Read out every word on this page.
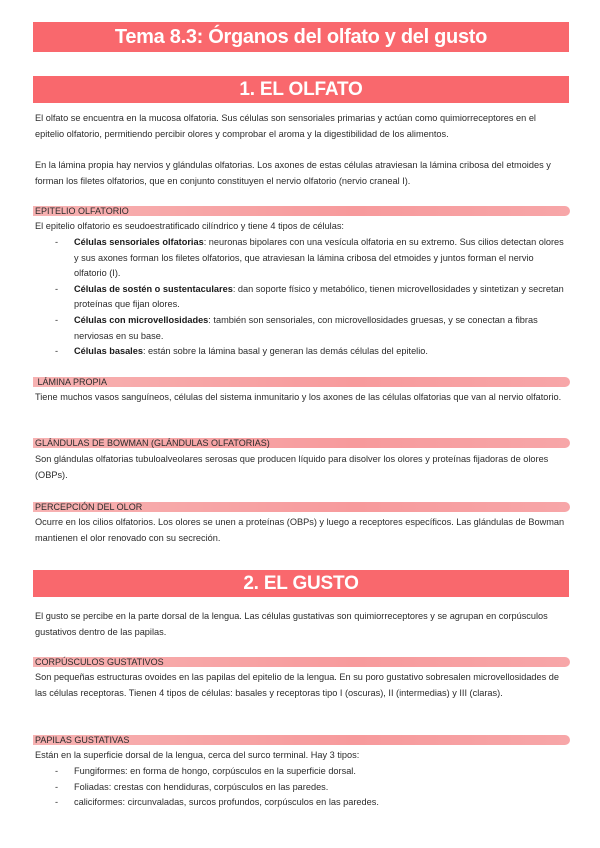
Tema 8.3: Órganos del olfato y del gusto
1. EL OLFATO
El olfato se encuentra en la mucosa olfatoria. Sus células son sensoriales primarias y actúan como quimiorreceptores en el epitelio olfatorio, permitiendo percibir olores y comprobar el aroma y la digestibilidad de los alimentos.
En la lámina propia hay nervios y glándulas olfatorias. Los axones de estas células atraviesan la lámina cribosa del etmoides y forman los filetes olfatorios, que en conjunto constituyen el nervio olfatorio (nervio craneal I).
EPITELIO OLFATORIO
El epitelio olfatorio es seudoestratificado cilíndrico y tiene 4 tipos de células:
- Células sensoriales olfatorias: neuronas bipolares con una vesícula olfatoria en su extremo. Sus cilios detectan olores y sus axones forman los filetes olfatorios, que atraviesan la lámina cribosa del etmoides y juntos forman el nervio olfatorio (I).
- Células de sostén o sustentaculares: dan soporte físico y metabólico, tienen microvellosidades y sintetizan y secretan proteínas que fijan olores.
- Células con microvellosidades: también son sensoriales, con microvellosidades gruesas, y se conectan a fibras nerviosas en su base.
- Células basales: están sobre la lámina basal y generan las demás células del epitelio.
LÁMINA PROPIA
Tiene muchos vasos sanguíneos, células del sistema inmunitario y los axones de las células olfatorias que van al nervio olfatorio.
GLÁNDULAS DE BOWMAN (GLÁNDULAS OLFATORIAS)
Son glándulas olfatorias tubuloalveolares serosas que producen líquido para disolver los olores y proteínas fijadoras de olores (OBPs).
PERCEPCIÓN DEL OLOR
Ocurre en los cilios olfatorios. Los olores se unen a proteínas (OBPs) y luego a receptores específicos. Las glándulas de Bowman mantienen el olor renovado con su secreción.
2. EL GUSTO
El gusto se percibe en la parte dorsal de la lengua. Las células gustativas son quimiorreceptores y se agrupan en corpúsculos gustativos dentro de las papilas.
CORPÚSCULOS GUSTATIVOS
Son pequeñas estructuras ovoides en las papilas del epitelio de la lengua. En su poro gustativo sobresalen microvellosidades de las células receptoras. Tienen 4 tipos de células: basales y receptoras tipo I (oscuras), II (intermedias) y III (claras).
PAPILAS GUSTATIVAS
Están en la superficie dorsal de la lengua, cerca del surco terminal. Hay 3 tipos:
- Fungiformes: en forma de hongo, corpúsculos en la superficie dorsal.
- Foliadas: crestas con hendiduras, corpúsculos en las paredes.
- caliciformes: circunvaladas, surcos profundos, corpúsculos en las paredes.
